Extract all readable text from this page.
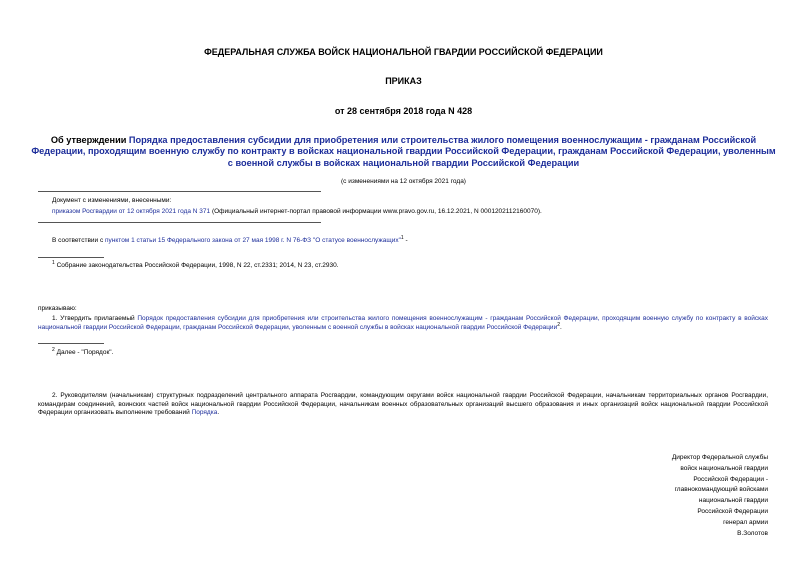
ФЕДЕРАЛЬНАЯ СЛУЖБА ВОЙСК НАЦИОНАЛЬНОЙ ГВАРДИИ РОССИЙСКОЙ ФЕДЕРАЦИИ
ПРИКАЗ
от 28 сентября 2018 года N 428
Об утверждении Порядка предоставления субсидии для приобретения или строительства жилого помещения военнослужащим - гражданам Российской Федерации, проходящим военную службу по контракту в войсках национальной гвардии Российской Федерации, гражданам Российской Федерации, уволенным с военной службы в войсках национальной гвардии Российской Федерации
(с изменениями на 12 октября 2021 года)
Документ с изменениями, внесенными:
приказом Росгвардии от 12 октября 2021 года N 371 (Официальный интернет-портал правовой информации www.pravo.gov.ru, 16.12.2021, N 0001202112160070).
В соответствии с пунктом 1 статьи 15 Федерального закона от 27 мая 1998 г. N 76-ФЗ "О статусе военнослужащих"$^1$ -
$^1$ Собрание законодательства Российской Федерации, 1998, N 22, ст.2331; 2014, N 23, ст.2930.
приказываю:
1. Утвердить прилагаемый Порядок предоставления субсидии для приобретения или строительства жилого помещения военнослужащим - гражданам Российской Федерации, проходящим военную службу по контракту в войсках национальной гвардии Российской Федерации, гражданам Российской Федерации, уволенным с военной службы в войсках национальной гвардии Российской Федерации$^2$.
$^2$ Далее - "Порядок".
2. Руководителям (начальникам) структурных подразделений центрального аппарата Росгвардии, командующим округами войск национальной гвардии Российской Федерации, начальникам территориальных органов Росгвардии, командирам соединений, воинских частей войск национальной гвардии Российской Федерации, начальникам военных образовательных организаций высшего образования и иных организаций войск национальной гвардии Российской Федерации организовать выполнение требований Порядка.
Директор Федеральной службы
войск национальной гвардии
Российской Федерации -
главнокомандующий войсками
национальной гвардии
Российской Федерации
генерал армии
В.Золотов
